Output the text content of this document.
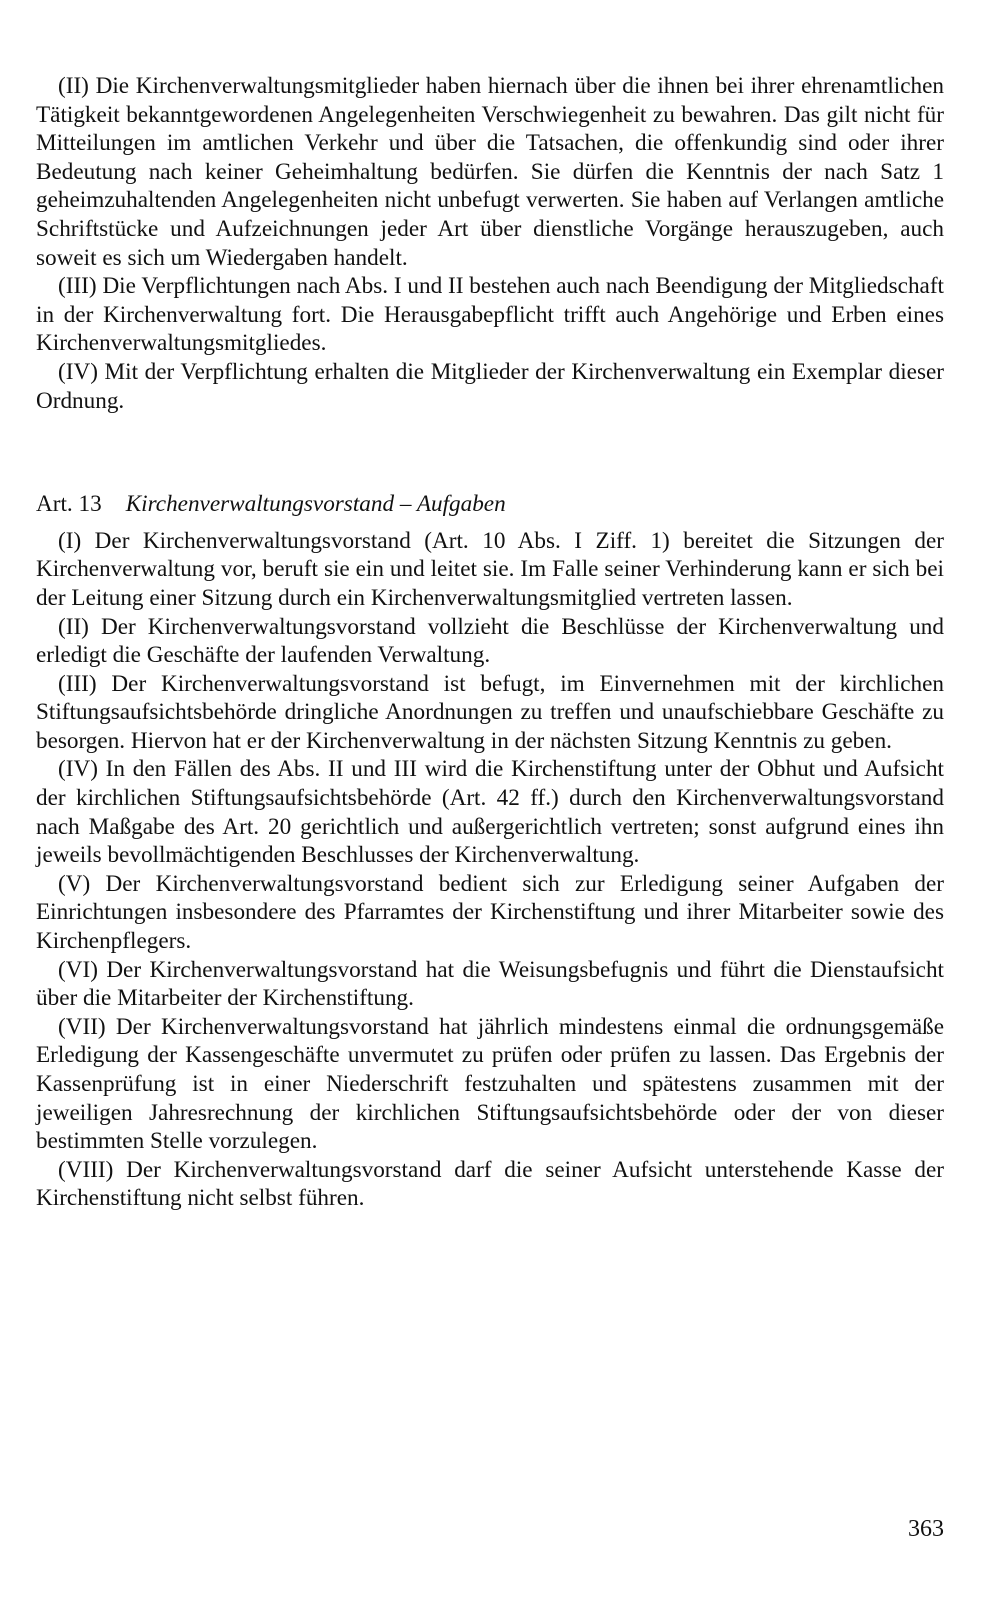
(II) Die Kirchenverwaltungsmitglieder haben hiernach über die ihnen bei ihrer ehrenamtlichen Tätigkeit bekanntgewordenen Angelegenheiten Verschwiegenheit zu bewahren. Das gilt nicht für Mitteilungen im amtlichen Verkehr und über die Tatsachen, die offenkundig sind oder ihrer Bedeutung nach keiner Geheimhaltung bedürfen. Sie dürfen die Kenntnis der nach Satz 1 geheimzuhaltenden Angelegenheiten nicht unbefugt verwerten. Sie haben auf Verlangen amtliche Schriftstücke und Aufzeichnungen jeder Art über dienstliche Vorgänge herauszugeben, auch soweit es sich um Wiedergaben handelt.

(III) Die Verpflichtungen nach Abs. I und II bestehen auch nach Beendigung der Mitgliedschaft in der Kirchenverwaltung fort. Die Herausgabepflicht trifft auch Angehörige und Erben eines Kirchenverwaltungsmitgliedes.

(IV) Mit der Verpflichtung erhalten die Mitglieder der Kirchenverwaltung ein Exemplar dieser Ordnung.

Art. 13 Kirchenverwaltungsvorstand – Aufgaben

(I) Der Kirchenverwaltungsvorstand (Art. 10 Abs. I Ziff. 1) bereitet die Sitzungen der Kirchenverwaltung vor, beruft sie ein und leitet sie. Im Falle seiner Verhinderung kann er sich bei der Leitung einer Sitzung durch ein Kirchenverwaltungsmitglied vertreten lassen.

(II) Der Kirchenverwaltungsvorstand vollzieht die Beschlüsse der Kirchenverwaltung und erledigt die Geschäfte der laufenden Verwaltung.

(III) Der Kirchenverwaltungsvorstand ist befugt, im Einvernehmen mit der kirchlichen Stiftungsaufsichtsbehörde dringliche Anordnungen zu treffen und unaufschiebbare Geschäfte zu besorgen. Hiervon hat er der Kirchenverwaltung in der nächsten Sitzung Kenntnis zu geben.

(IV) In den Fällen des Abs. II und III wird die Kirchenstiftung unter der Obhut und Aufsicht der kirchlichen Stiftungsaufsichtsbehörde (Art. 42 ff.) durch den Kirchenverwaltungsvorstand nach Maßgabe des Art. 20 gerichtlich und außergerichtlich vertreten; sonst aufgrund eines ihn jeweils bevollmächtigenden Beschlusses der Kirchenverwaltung.

(V) Der Kirchenverwaltungsvorstand bedient sich zur Erledigung seiner Aufgaben der Einrichtungen insbesondere des Pfarramtes der Kirchenstiftung und ihrer Mitarbeiter sowie des Kirchenpflegers.

(VI) Der Kirchenverwaltungsvorstand hat die Weisungsbefugnis und führt die Dienstaufsicht über die Mitarbeiter der Kirchenstiftung.

(VII) Der Kirchenverwaltungsvorstand hat jährlich mindestens einmal die ordnungsgemäße Erledigung der Kassengeschäfte unvermutet zu prüfen oder prüfen zu lassen. Das Ergebnis der Kassenprüfung ist in einer Niederschrift festzuhalten und spätestens zusammen mit der jeweiligen Jahresrechnung der kirchlichen Stiftungsaufsichtsbehörde oder der von dieser bestimmten Stelle vorzulegen.

(VIII) Der Kirchenverwaltungsvorstand darf die seiner Aufsicht unterstehende Kasse der Kirchenstiftung nicht selbst führen.

363
